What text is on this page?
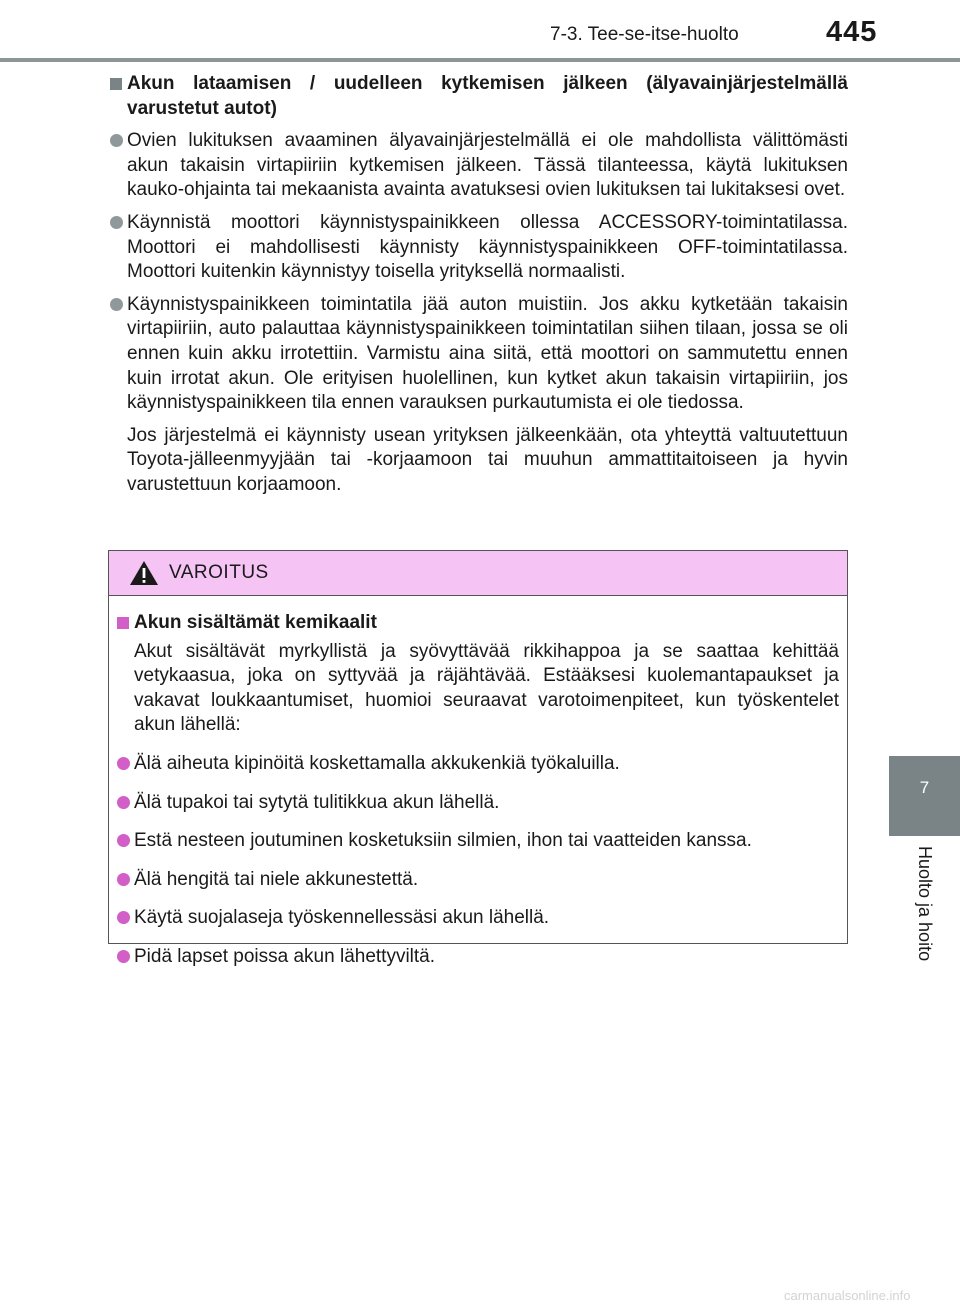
7-3. Tee-se-itse-huolto	445
7
Huolto ja hoito
Akun lataamisen / uudelleen kytkemisen jälkeen (älyavainjärjestelmällä varustetut autot)
Ovien lukituksen avaaminen älyavainjärjestelmällä ei ole mahdollista välittömästi akun takaisin virtapiiriin kytkemisen jälkeen. Tässä tilanteessa, käytä lukituksen kauko-ohjainta tai mekaanista avainta avatuksesi ovien lukituksen tai lukitaksesi ovet.
Käynnistä moottori käynnistyspainikkeen ollessa ACCESSORY-toimintatilassa. Moottori ei mahdollisesti käynnisty käynnistyspainikkeen OFF-toimintatilassa. Moottori kuitenkin käynnistyy toisella yrityksellä normaalisti.
Käynnistyspainikkeen toimintatila jää auton muistiin. Jos akku kytketään takaisin virtapiiriin, auto palauttaa käynnistyspainikkeen toimintatilan siihen tilaan, jossa se oli ennen kuin akku irrotettiin. Varmistu aina siitä, että moottori on sammutettu ennen kuin irrotat akun. Ole erityisen huolellinen, kun kytket akun takaisin virtapiiriin, jos käynnistyspainikkeen tila ennen varauksen purkautumista ei ole tiedossa.
Jos järjestelmä ei käynnisty usean yrityksen jälkeenkään, ota yhteyttä valtuutettuun Toyota-jälleenmyyjään tai -korjaamoon tai muuhun ammattitaitoiseen ja hyvin varustettuun korjaamoon.
VAROITUS
Akun sisältämät kemikaalit
Akut sisältävät myrkyllistä ja syövyttävää rikkihappoa ja se saattaa kehittää vetykaasua, joka on syttyvää ja räjähtävää. Estääksesi kuolemantapaukset ja vakavat loukkaantumiset, huomioi seuraavat varotoimenpiteet, kun työskentelet akun lähellä:
Älä aiheuta kipinöitä koskettamalla akkukenkiä työkaluilla.
Älä tupakoi tai sytytä tulitikkua akun lähellä.
Estä nesteen joutuminen kosketuksiin silmien, ihon tai vaatteiden kanssa.
Älä hengitä tai niele akkunestettä.
Käytä suojalaseja työskennellessäsi akun lähellä.
Pidä lapset poissa akun lähettyviltä.
carmanualsonline.info
